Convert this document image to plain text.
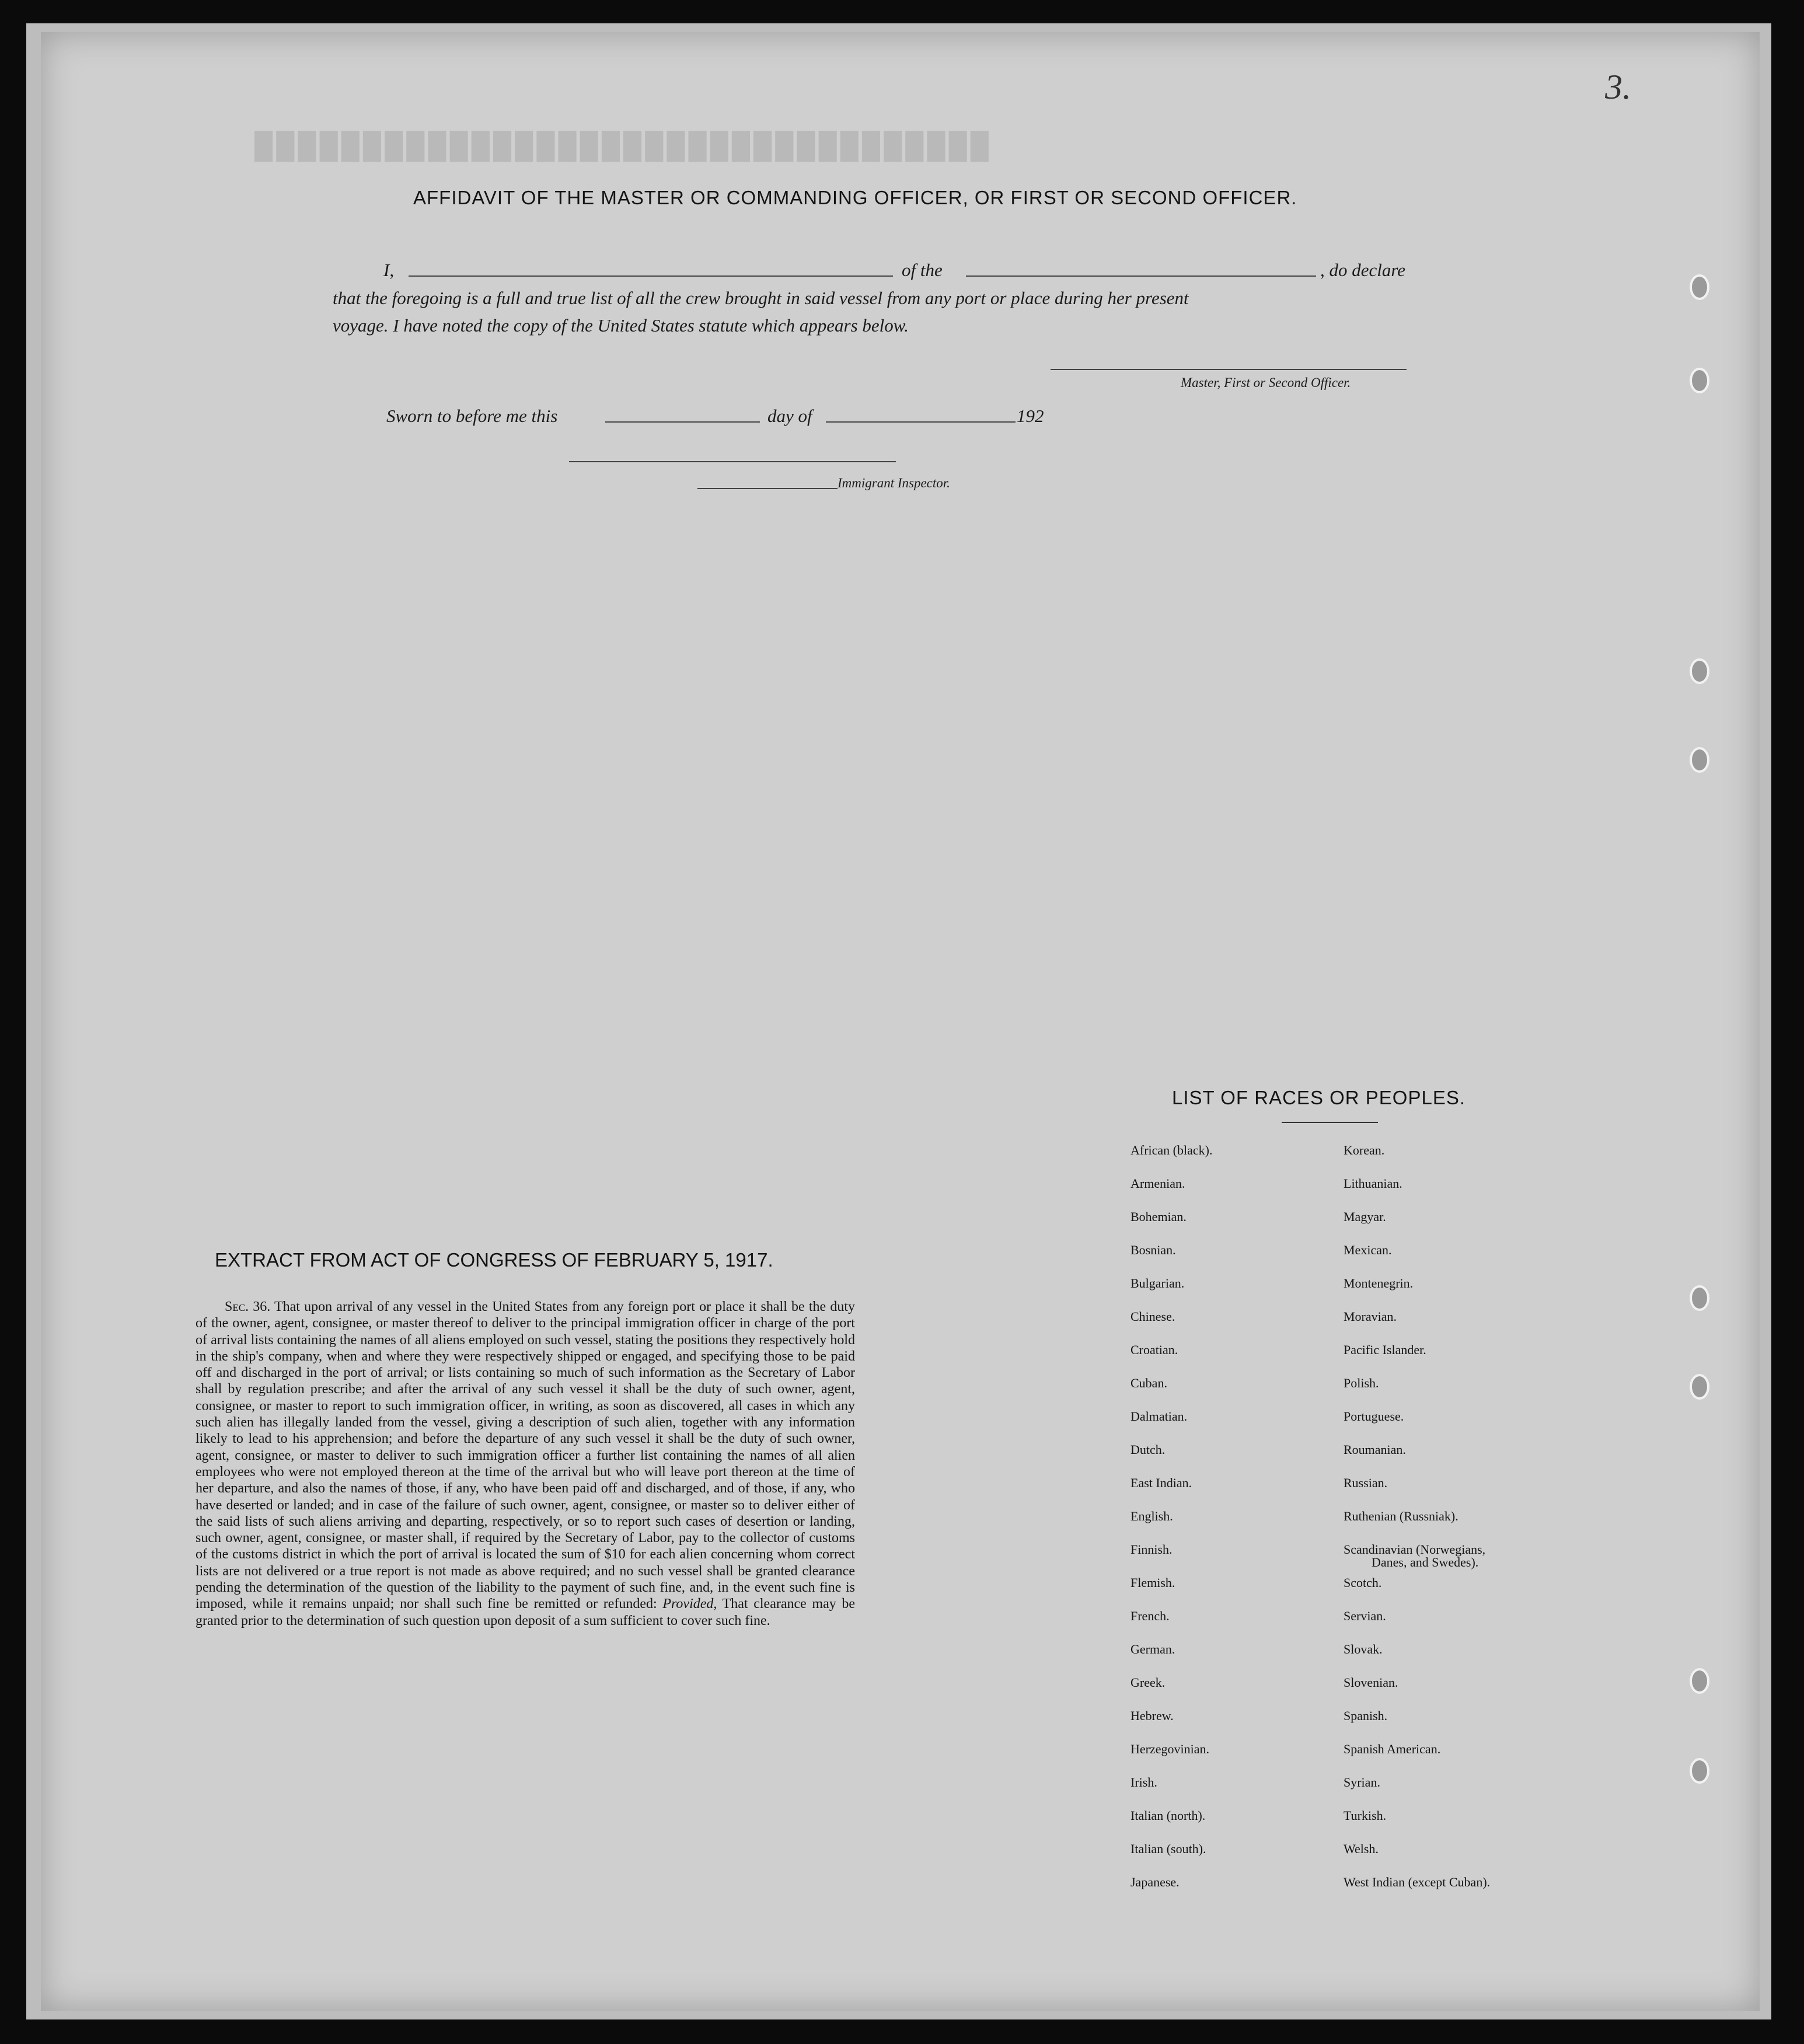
██████████████████████████████████
3.
AFFIDAVIT OF THE MASTER OR COMMANDING OFFICER, OR FIRST OR SECOND OFFICER.
I,	of the	, do declare
that the foregoing is a full and true list of all the crew brought in said vessel from any port or place during her present
voyage. I have noted the copy of the United States statute which appears below.
Master, First or Second Officer.
Sworn to before me this	day of	192
Immigrant Inspector.
EXTRACT FROM ACT OF CONGRESS OF FEBRUARY 5, 1917.
Sec. 36. That upon arrival of any vessel in the United States from any foreign port or place it shall be the duty of the owner, agent, consignee, or master thereof to deliver to the principal immigration officer in charge of the port of arrival lists containing the names of all aliens employed on such vessel, stating the positions they respectively hold in the ship's company, when and where they were respectively shipped or engaged, and specifying those to be paid off and discharged in the port of arrival; or lists containing so much of such information as the Secretary of Labor shall by regulation prescribe; and after the arrival of any such vessel it shall be the duty of such owner, agent, consignee, or master to report to such immigration officer, in writing, as soon as discovered, all cases in which any such alien has illegally landed from the vessel, giving a description of such alien, together with any information likely to lead to his apprehension; and before the departure of any such vessel it shall be the duty of such owner, agent, consignee, or master to deliver to such immigration officer a further list containing the names of all alien employees who were not employed thereon at the time of the arrival but who will leave port thereon at the time of her departure, and also the names of those, if any, who have been paid off and discharged, and of those, if any, who have deserted or landed; and in case of the failure of such owner, agent, consignee, or master so to deliver either of the said lists of such aliens arriving and departing, respectively, or so to report such cases of desertion or landing, such owner, agent, consignee, or master shall, if required by the Secretary of Labor, pay to the collector of customs of the customs district in which the port of arrival is located the sum of $10 for each alien concerning whom correct lists are not delivered or a true report is not made as above required; and no such vessel shall be granted clearance pending the determination of the question of the liability to the payment of such fine, and, in the event such fine is imposed, while it remains unpaid; nor shall such fine be remitted or refunded: Provided, That clearance may be granted prior to the determination of such question upon deposit of a sum sufficient to cover such fine.
LIST OF RACES OR PEOPLES.
African (black).
Armenian.
Bohemian.
Bosnian.
Bulgarian.
Chinese.
Croatian.
Cuban.
Dalmatian.
Dutch.
East Indian.
English.
Finnish.
Flemish.
French.
German.
Greek.
Hebrew.
Herzegovinian.
Irish.
Italian (north).
Italian (south).
Japanese.
Korean.
Lithuanian.
Magyar.
Mexican.
Montenegrin.
Moravian.
Pacific Islander.
Polish.
Portuguese.
Roumanian.
Russian.
Ruthenian (Russniak).
Scandinavian (Norwegians,
Danes, and Swedes).
Scotch.
Servian.
Slovak.
Slovenian.
Spanish.
Spanish American.
Syrian.
Turkish.
Welsh.
West Indian (except Cuban).
